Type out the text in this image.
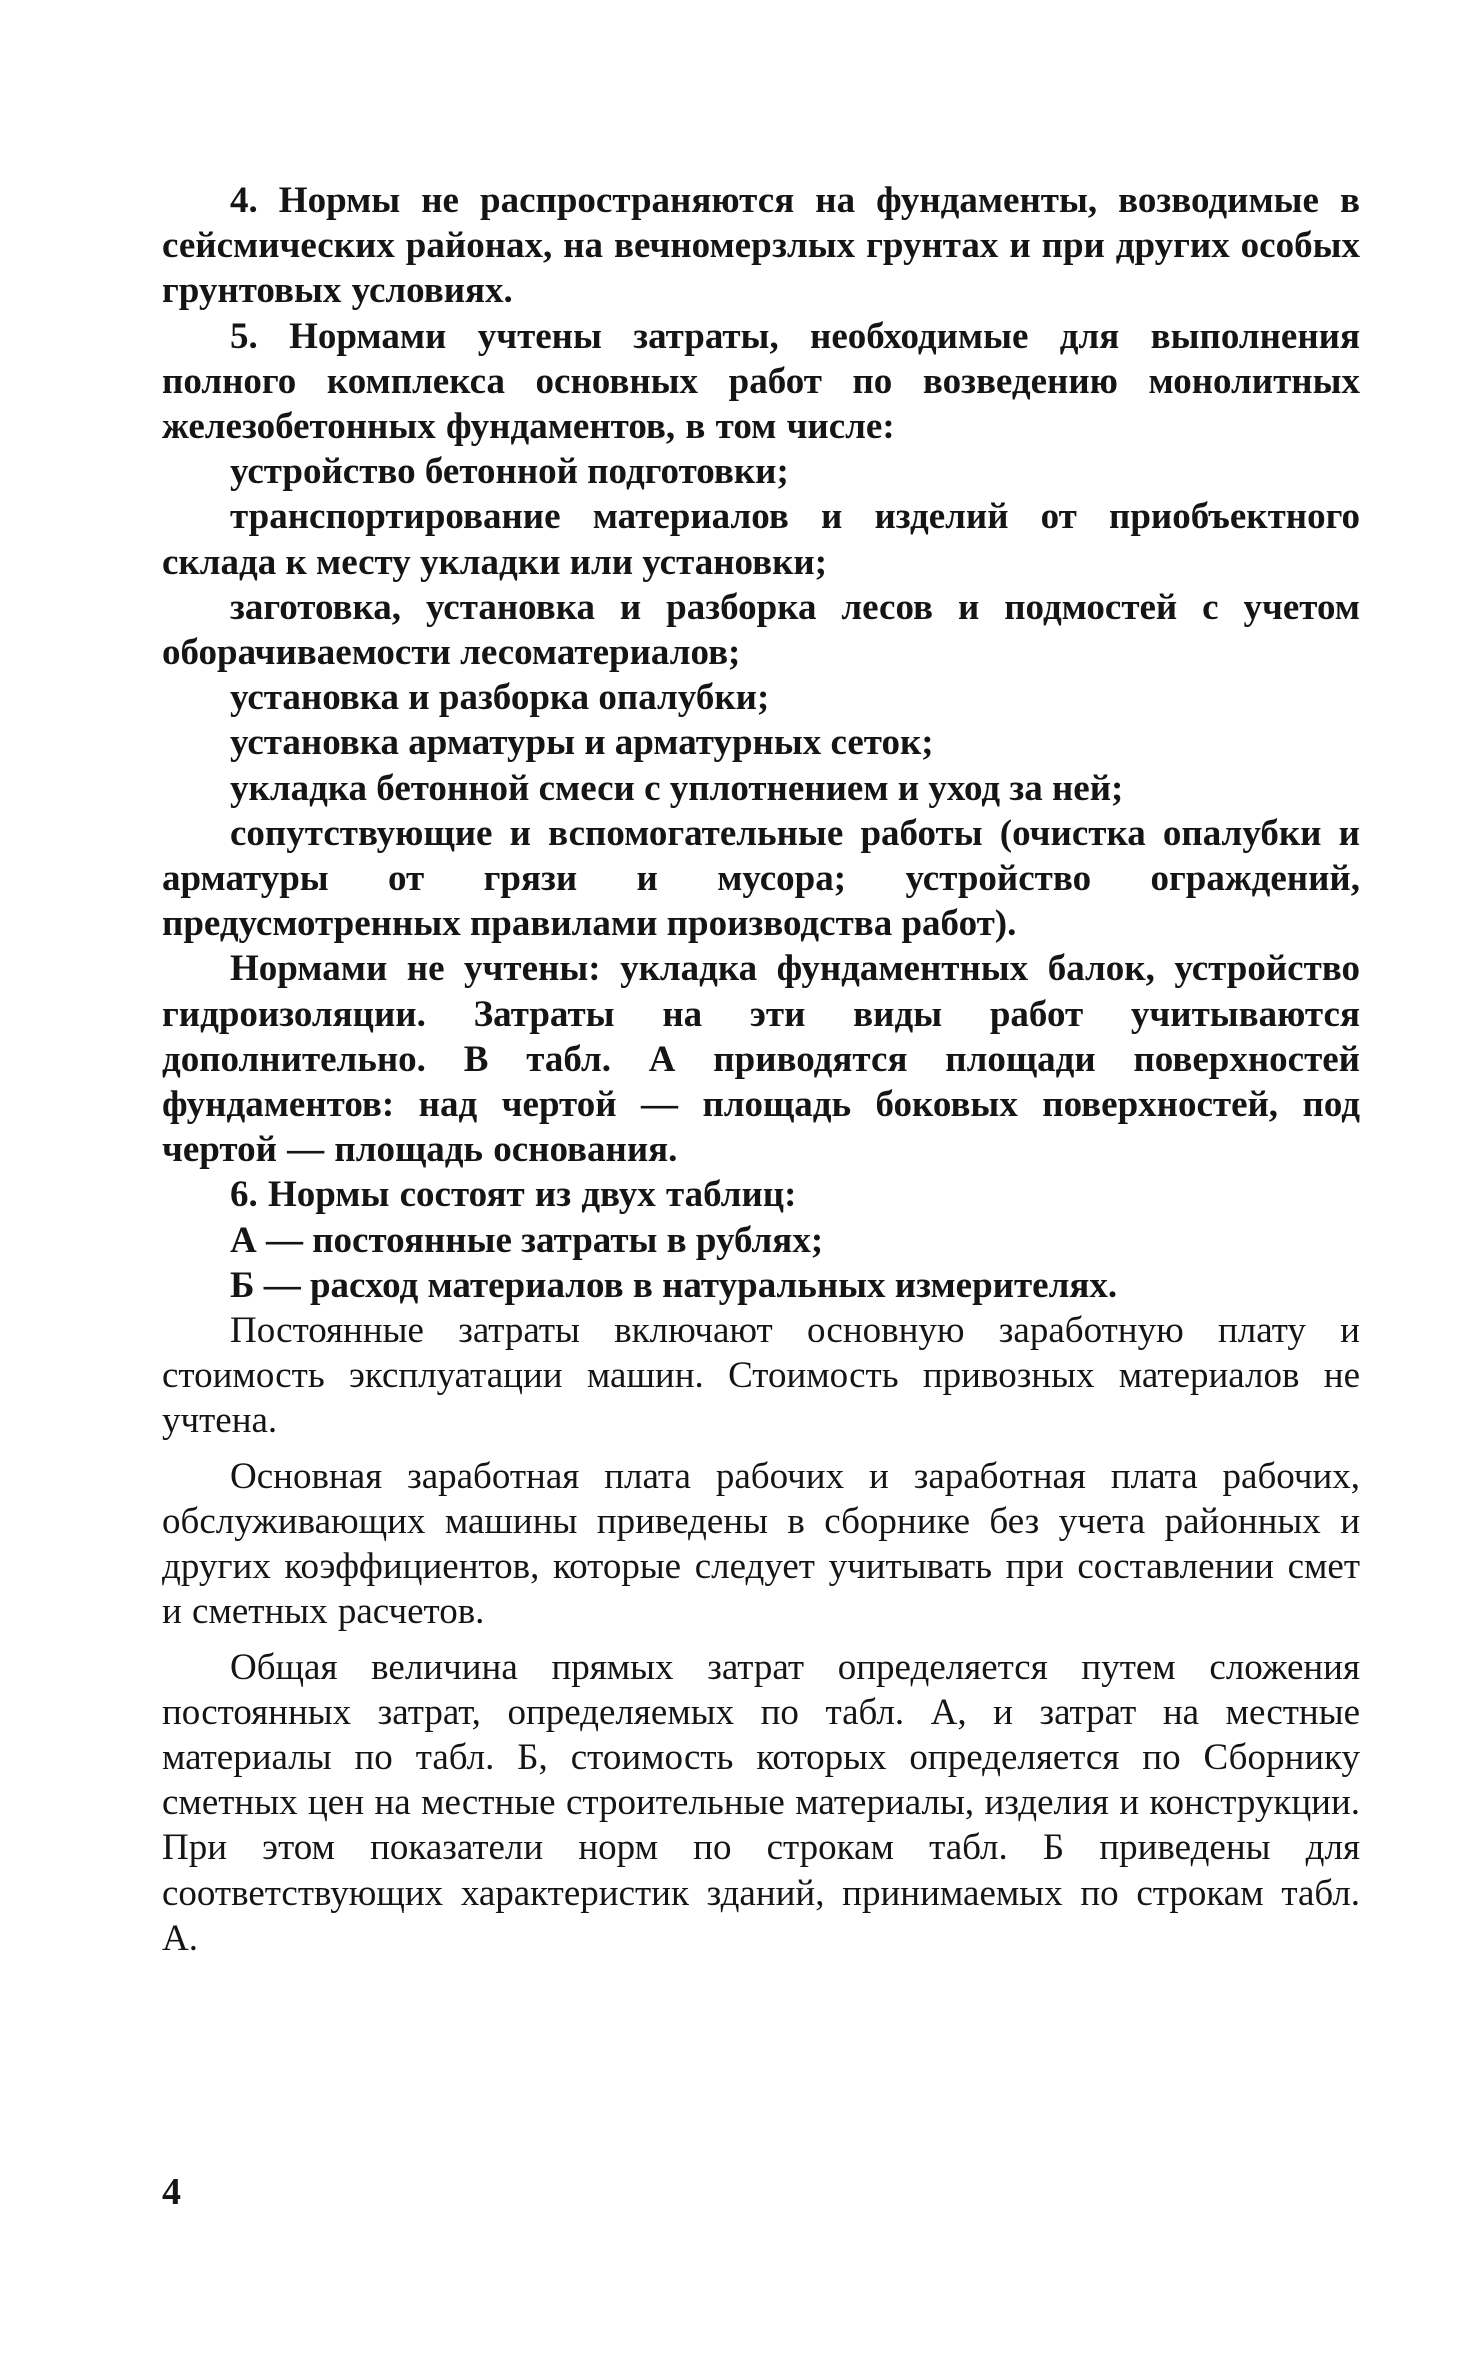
4. Нормы не распространяются на фундаменты, возводимые в сейсмических районах, на вечномерзлых грунтах и при других особых грунтовых условиях.

5. Нормами учтены затраты, необходимые для выполнения полного комплекса основных работ по возведению монолитных железобетонных фундаментов, в том числе:

устройство бетонной подготовки;

транспортирование материалов и изделий от приобъектного склада к месту укладки или установки;

заготовка, установка и разборка лесов и подмостей с учетом оборачиваемости лесоматериалов;

установка и разборка опалубки;

установка арматуры и арматурных сеток;

укладка бетонной смеси с уплотнением и уход за ней;

сопутствующие и вспомогательные работы (очистка опалубки и арматуры от грязи и мусора; устройство ограждений, предусмотренных правилами производства работ).

Нормами не учтены: укладка фундаментных балок, устройство гидроизоляции. Затраты на эти виды работ учитываются дополнительно. В табл. А приводятся площади поверхностей фундаментов: над чертой — площадь боковых поверхностей, под чертой — площадь основания.

6. Нормы состоят из двух таблиц:

А — постоянные затраты в рублях;

Б — расход материалов в натуральных измерителях.

Постоянные затраты включают основную заработную плату и стоимость эксплуатации машин. Стоимость привозных материалов не учтена.

Основная заработная плата рабочих и заработная плата рабочих, обслуживающих машины приведены в сборнике без учета районных и других коэффициентов, которые следует учитывать при составлении смет и сметных расчетов.

Общая величина прямых затрат определяется путем сложения постоянных затрат, определяемых по табл. А, и затрат на местные материалы по табл. Б, стоимость которых определяется по Сборнику сметных цен на местные строительные материалы, изделия и конструкции. При этом показатели норм по строкам табл. Б приведены для соответствующих характеристик зданий, принимаемых по строкам табл. А.

4
